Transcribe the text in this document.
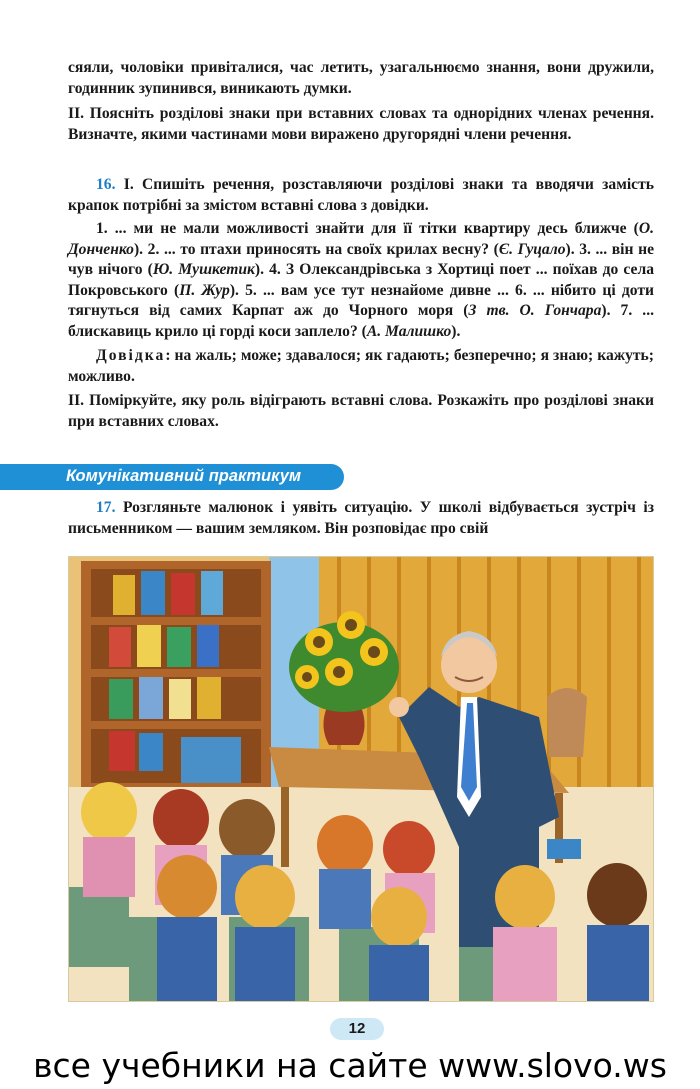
сяяли, чоловіки привіталися, час летить, узагальнюємо знання, вони дружили, годинник зупинився, виникають думки.

ІІ. Поясніть розділові знаки при вставних словах та однорідних членах речення. Визначте, якими частинами мови виражено другорядні члени речення.

16. І. Спишіть речення, розставляючи розділові знаки та вводячи замість крапок потрібні за змістом вставні слова з довідки.

1. ... ми не мали можливості знайти для її тітки квартиру десь ближче (О. Донченко). 2. ... то птахи приносять на своїх крилах весну? (Є. Гуцало). 3. ... він не чув нічого (Ю. Мушкетик). 4. З Олександрівська з Хортиці поет ... поїхав до села Покровського (П. Жур). 5. ... вам усе тут незнайоме дивне ... 6. ... нібито ці доти тягнуться від самих Карпат аж до Чорного моря (З тв. О. Гончара). 7. ... блискавиць крило ці горді коси заплело? (А. Малишко).

Довідка: на жаль; може; здавалося; як гадають; безперечно; я знаю; кажуть; можливо.

ІІ. Поміркуйте, яку роль відіграють вставні слова. Розкажіть про розділові знаки при вставних словах.

Комунікативний практикум

17. Розгляньте малюнок і уявіть ситуацію. У школі відбувається зустріч із письменником — вашим земляком. Він розповідає про свій

12
все учебники на сайте www.slovo.ws
